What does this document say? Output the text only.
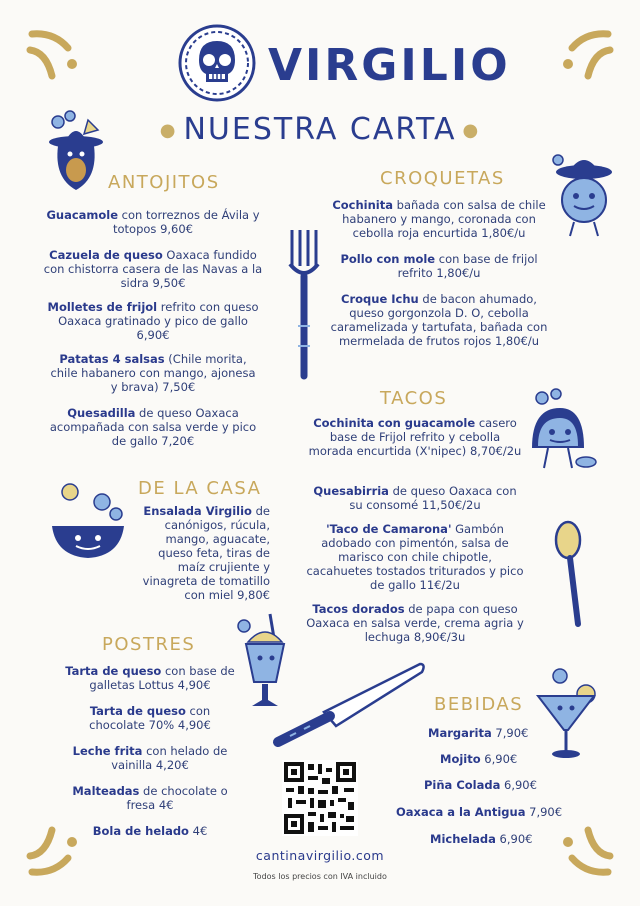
VIRGILIO
● NUESTRA CARTA ●
ANTOJITOS
Guacamole con torreznos de Ávila y totopos 9,60€
Cazuela de queso Oaxaca fundido con chistorra casera de las Navas a la sidra 9,50€
Molletes de frijol refrito con queso Oaxaca gratinado y pico de gallo 6,90€
Patatas 4 salsas (Chile morita, chile habanero con mango, ajonesa y brava) 7,50€
Quesadilla de queso Oaxaca acompañada con salsa verde y pico de gallo 7,20€
CROQUETAS
Cochinita bañada con salsa de chile habanero y mango, coronada con cebolla roja encurtida 1,80€/u
Pollo con mole con base de frijol refrito 1,80€/u
Croque Ichu de bacon ahumado, queso gorgonzola D. O, cebolla caramelizada y tartufata, bañada con mermelada de frutos rojos 1,80€/u
TACOS
Cochinita con guacamole casero base de Frijol refrito y cebolla morada encurtida (X'nipec) 8,70€/2u
Quesabirria de queso Oaxaca con su consomé 11,50€/2u
'Taco de Camarona' Gambón adobado con pimentón, salsa de marisco con chile chipotle, cacahuetes tostados triturados y pico de gallo 11€/2u
Tacos dorados de papa con queso Oaxaca en salsa verde, crema agria y lechuga 8,90€/3u
DE LA CASA
Ensalada Virgilio de canónigos, rúcula, mango, aguacate, queso feta, tiras de maíz crujiente y vinagreta de tomatillo con miel 9,80€
POSTRES
Tarta de queso con base de galletas Lottus 4,90€
Tarta de queso con chocolate 70% 4,90€
Leche frita con helado de vainilla 4,20€
Malteadas de chocolate o fresa 4€
Bola de helado 4€
BEBIDAS
Margarita 7,90€
Mojito 6,90€
Piña Colada 6,90€
Oaxaca a la Antigua 7,90€
Michelada 6,90€
cantinavirgilio.com
Todos los precios con IVA incluido
